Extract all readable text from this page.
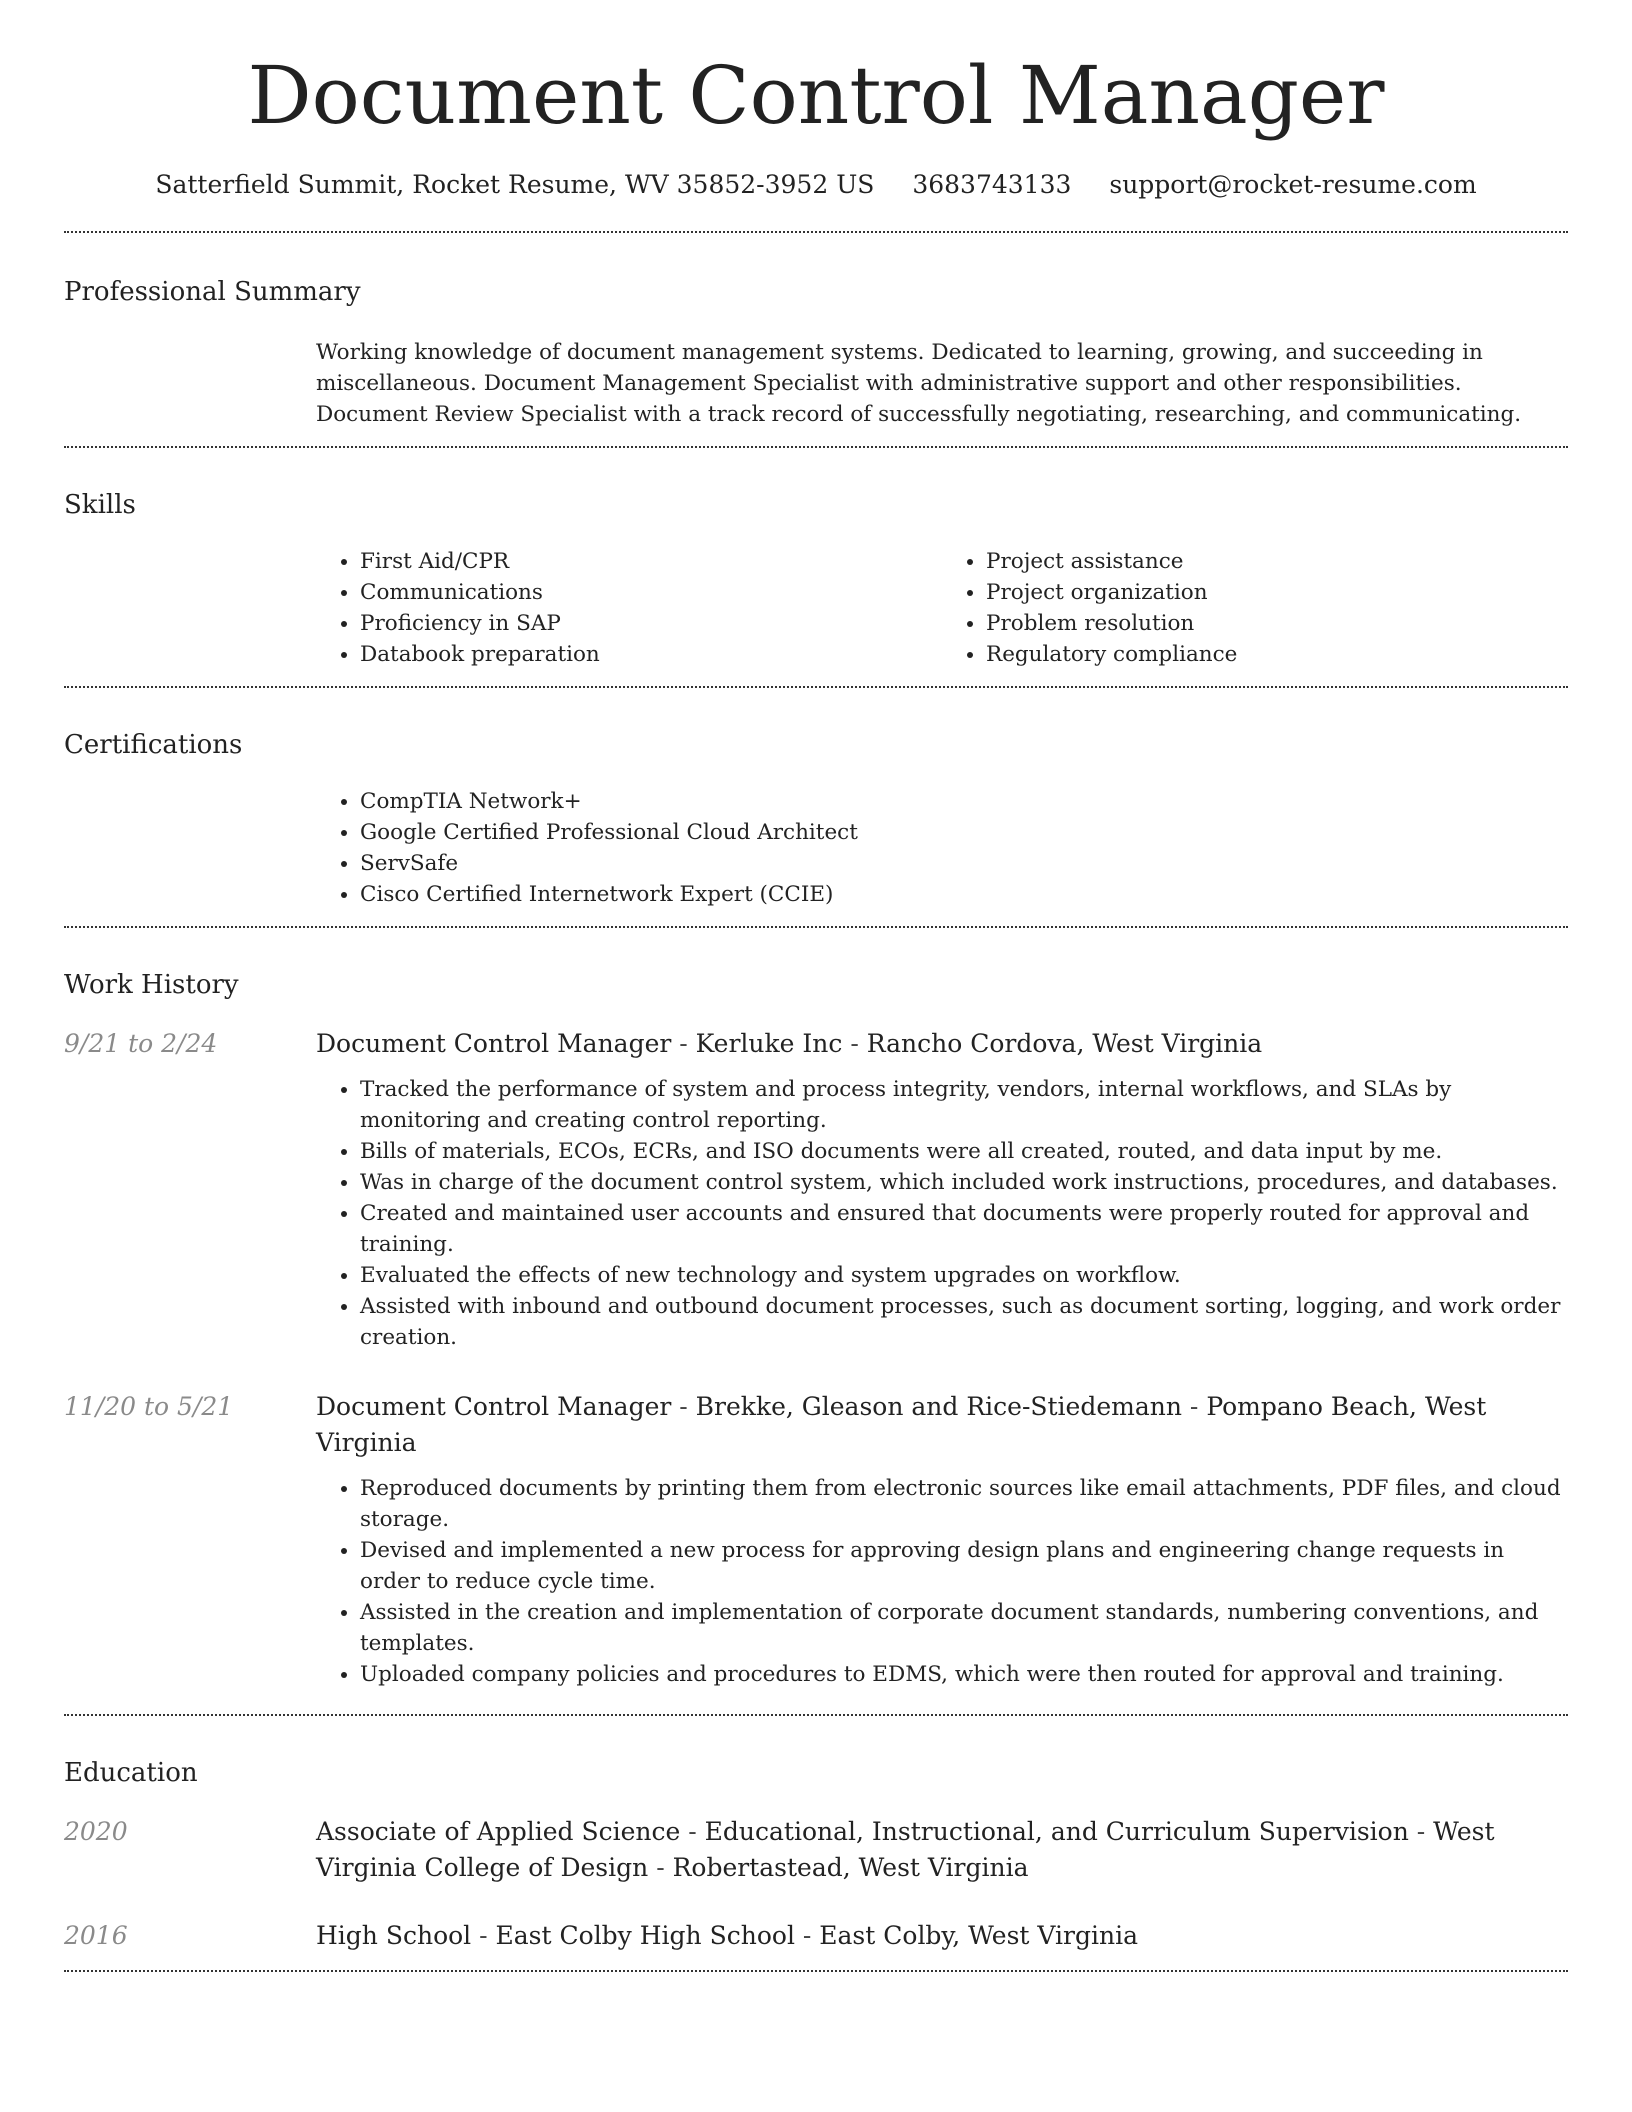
Document Control Manager
Satterfield Summit, Rocket Resume, WV 35852-3952 US 3683743133 support@rocket-resume.com
Professional Summary

Working knowledge of document management systems. Dedicated to learning, growing, and succeeding in miscellaneous. Document Management Specialist with administrative support and other responsibilities. Document Review Specialist with a track record of successfully negotiating, researching, and communicating.

Skills
• First Aid/CPR
• Communications
• Proficiency in SAP
• Databook preparation
• Project assistance
• Project organization
• Problem resolution
• Regulatory compliance
Certifications
• CompTIA Network+
• Google Certified Professional Cloud Architect
• ServSafe
• Cisco Certified Internetwork Expert (CCIE)
Work History
9/21 to 2/24	Document Control Manager - Kerluke Inc - Rancho Cordova, West Virginia
• Tracked the performance of system and process integrity, vendors, internal workflows, and SLAs by monitoring and creating control reporting.
• Bills of materials, ECOs, ECRs, and ISO documents were all created, routed, and data input by me.
• Was in charge of the document control system, which included work instructions, procedures, and databases.
• Created and maintained user accounts and ensured that documents were properly routed for approval and training.
• Evaluated the effects of new technology and system upgrades on workflow.
• Assisted with inbound and outbound document processes, such as document sorting, logging, and work order creation.
11/20 to 5/21	Document Control Manager - Brekke, Gleason and Rice-Stiedemann - Pompano Beach, West Virginia
• Reproduced documents by printing them from electronic sources like email attachments, PDF files, and cloud storage.
• Devised and implemented a new process for approving design plans and engineering change requests in order to reduce cycle time.
• Assisted in the creation and implementation of corporate document standards, numbering conventions, and templates.
• Uploaded company policies and procedures to EDMS, which were then routed for approval and training.
Education
2020	Associate of Applied Science - Educational, Instructional, and Curriculum Supervision - West Virginia College of Design - Robertastead, West Virginia
2016	High School - East Colby High School - East Colby, West Virginia
